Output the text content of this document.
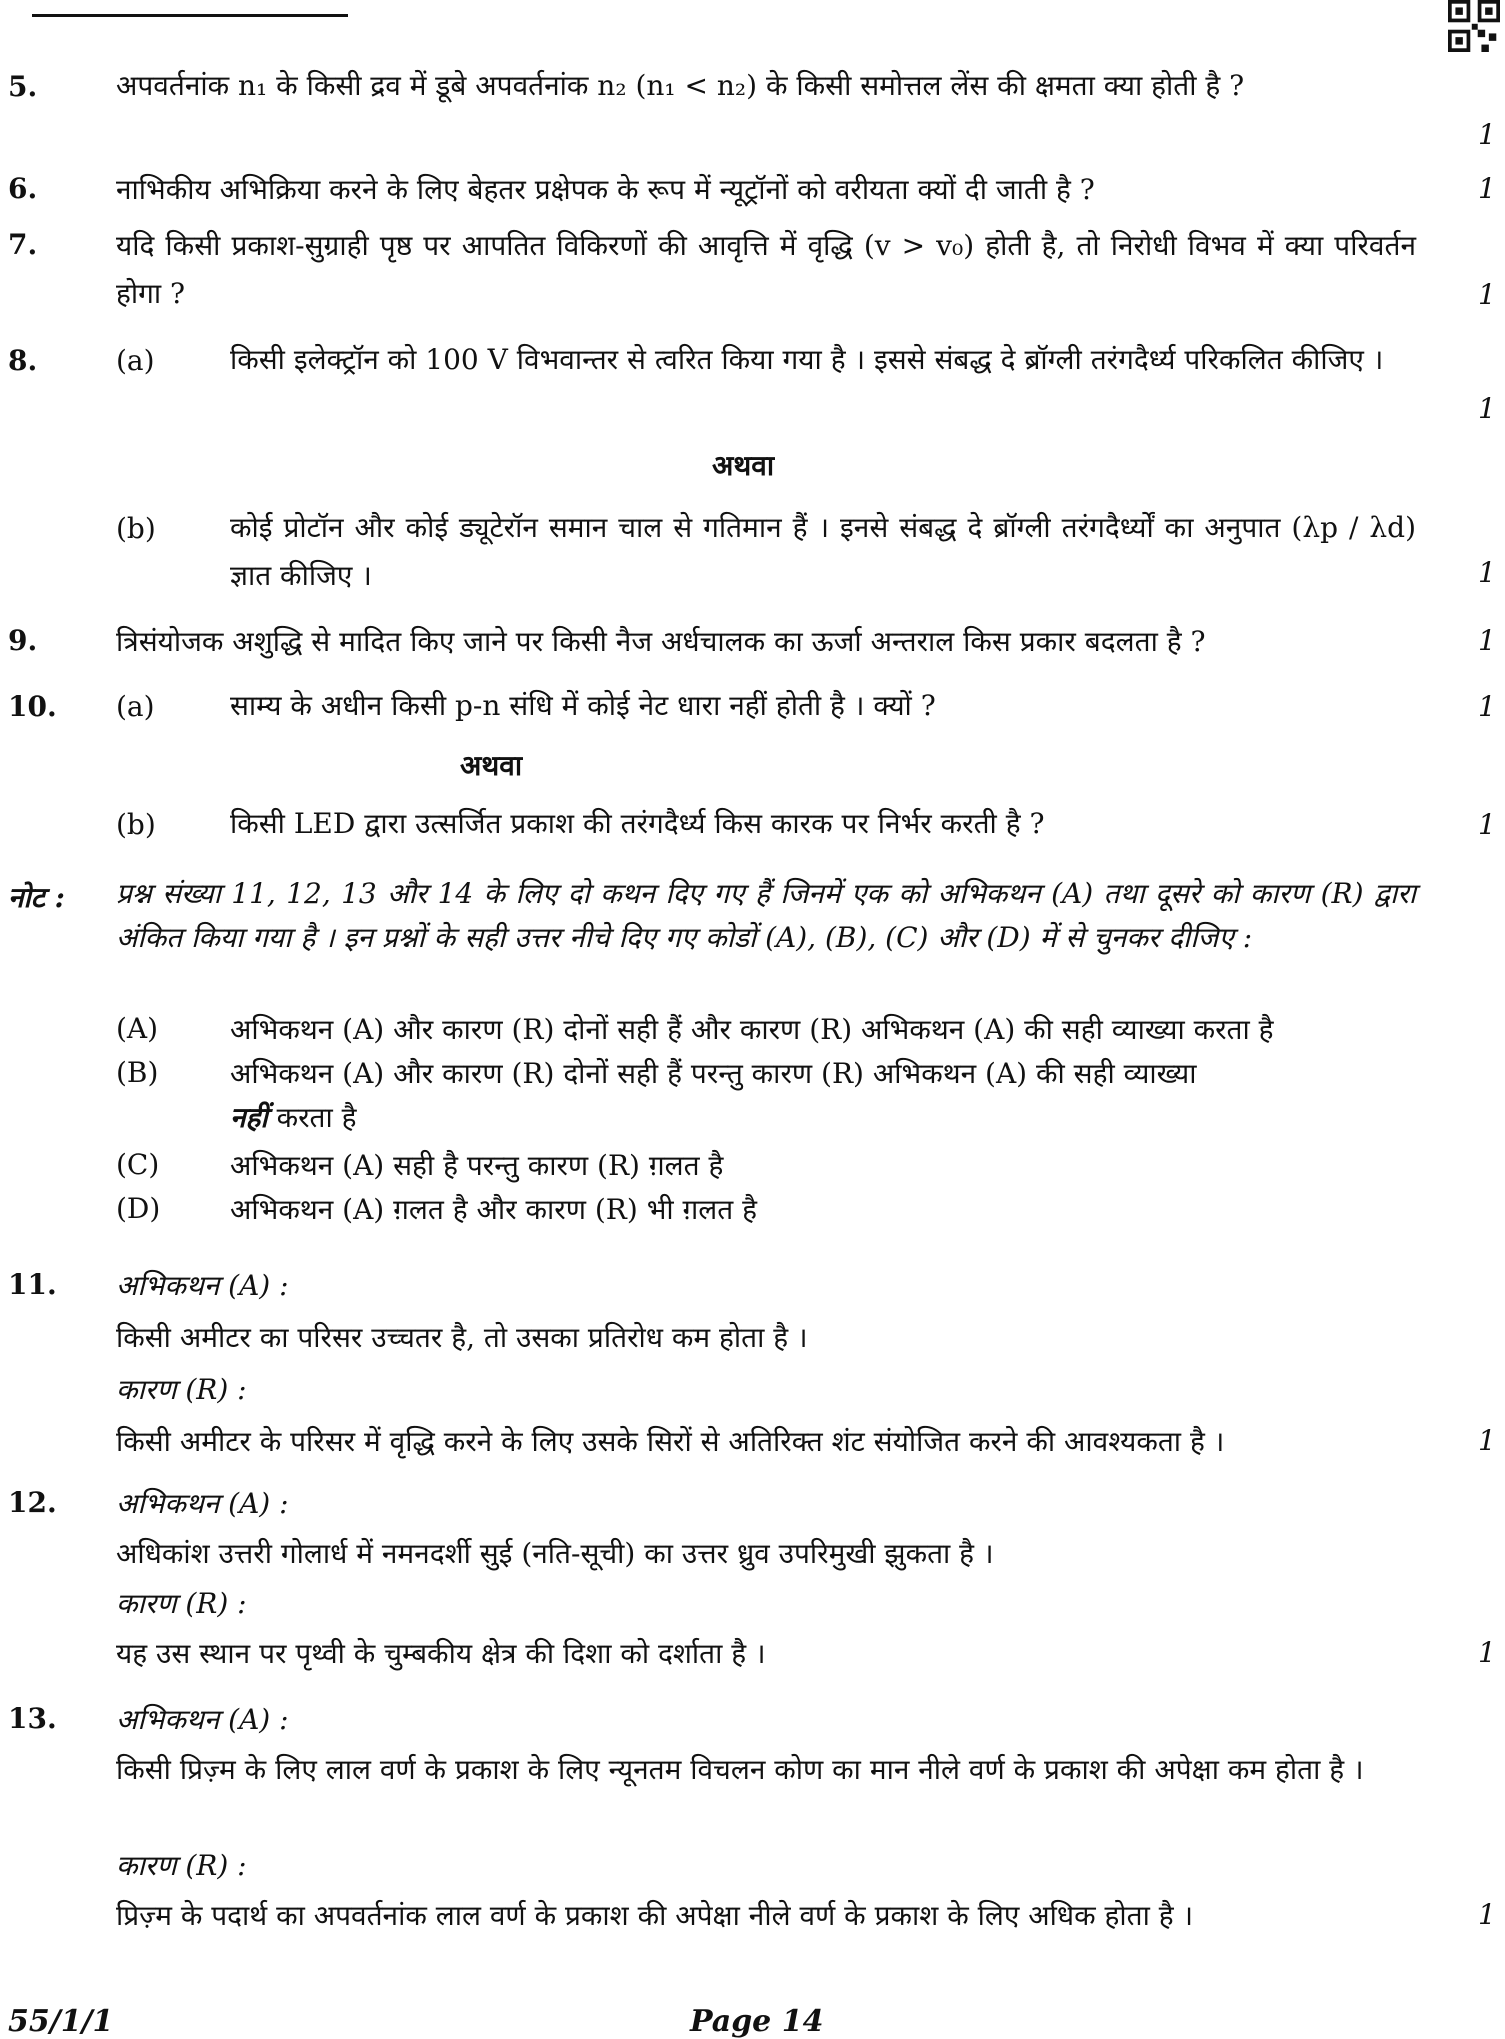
5.	अपवर्तनांक n₁ के किसी द्रव में डूबे अपवर्तनांक n₂ (n₁ < n₂) के किसी समोत्तल लेंस की क्षमता क्या होती है ?
1
6.	नाभिकीय अभिक्रिया करने के लिए बेहतर प्रक्षेपक के रूप में न्यूट्रॉनों को वरीयता क्यों दी जाती है ?	1
7.	यदि किसी प्रकाश-सुग्राही पृष्ठ पर आपतित विकिरणों की आवृत्ति में वृद्धि (v > v₀) होती है, तो निरोधी विभव में क्या परिवर्तन होगा ?	1
8.	(a)	किसी इलेक्ट्रॉन को 100 V विभवान्तर से त्वरित किया गया है । इससे संबद्ध दे ब्रॉग्ली तरंगदैर्ध्य परिकलित कीजिए ।
1
अथवा
(b)	कोई प्रोटॉन और कोई ड्यूटेरॉन समान चाल से गतिमान हैं । इनसे संबद्ध दे ब्रॉग्ली तरंगदैर्ध्यों का अनुपात (λp / λd) ज्ञात कीजिए ।	1
9.	त्रिसंयोजक अशुद्धि से मादित किए जाने पर किसी नैज अर्धचालक का ऊर्जा अन्तराल किस प्रकार बदलता है ?	1
10. (a)	साम्य के अधीन किसी p-n संधि में कोई नेट धारा नहीं होती है । क्यों ?	1
अथवा
(b)	किसी LED द्वारा उत्सर्जित प्रकाश की तरंगदैर्ध्य किस कारक पर निर्भर करती है ?	1
नोट : प्रश्न संख्या 11, 12, 13 और 14 के लिए दो कथन दिए गए हैं जिनमें एक को अभिकथन (A) तथा दूसरे को कारण (R) द्वारा अंकित किया गया है । इन प्रश्नों के सही उत्तर नीचे दिए गए कोडों (A), (B), (C) और (D) में से चुनकर दीजिए :
(A)	अभिकथन (A) और कारण (R) दोनों सही हैं और कारण (R) अभिकथन (A) की सही व्याख्या करता है
(B)	अभिकथन (A) और कारण (R) दोनों सही हैं परन्तु कारण (R) अभिकथन (A) की सही व्याख्या
नहीं करता है
(C)	अभिकथन (A) सही है परन्तु कारण (R) ग़लत है
(D) अभिकथन (A) ग़लत है और कारण (R) भी ग़लत है
11. अभिकथन (A) :
किसी अमीटर का परिसर उच्चतर है, तो उसका प्रतिरोध कम होता है ।
कारण (R) :
किसी अमीटर के परिसर में वृद्धि करने के लिए उसके सिरों से अतिरिक्त शंट संयोजित करने की आवश्यकता है ।	1
12. अभिकथन (A) :
अधिकांश उत्तरी गोलार्ध में नमनदर्शी सुई (नति-सूची) का उत्तर ध्रुव उपरिमुखी झुकता है ।
कारण (R) :
यह उस स्थान पर पृथ्वी के चुम्बकीय क्षेत्र की दिशा को दर्शाता है ।	1
13. अभिकथन (A) :
किसी प्रिज़्म के लिए लाल वर्ण के प्रकाश के लिए न्यूनतम विचलन कोण का मान नीले वर्ण के प्रकाश की अपेक्षा कम होता है ।
कारण (R) :
प्रिज़्म के पदार्थ का अपवर्तनांक लाल वर्ण के प्रकाश की अपेक्षा नीले वर्ण के प्रकाश के लिए अधिक होता है ।	1
55/1/1	Page 14
